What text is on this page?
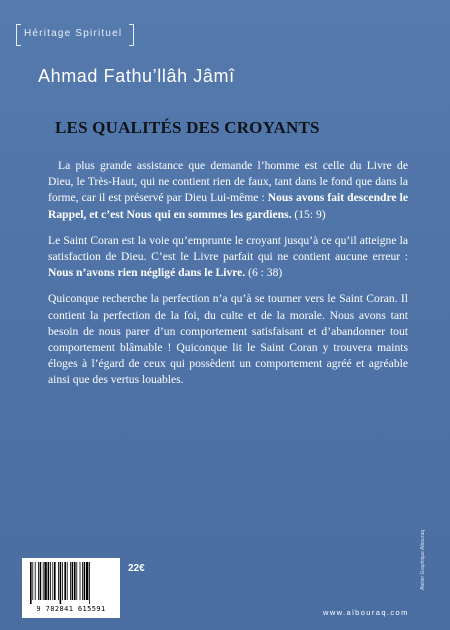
Héritage Spirituel
Ahmad Fathu’llâh Jâmî
LES QUALITÉS DES CROYANTS

La plus grande assistance que demande l’homme est celle du Livre de Dieu, le Très-Haut, qui ne contient rien de faux, tant dans le fond que dans la forme, car il est préservé par Dieu Lui-même : Nous avons fait descendre le Rappel, et c’est Nous qui en sommes les gardiens. (15: 9)

Le Saint Coran est la voie qu’emprunte le croyant jusqu’à ce qu’il atteigne la satisfaction de Dieu. C’est le Livre parfait qui ne contient aucune erreur : Nous n’avons rien négligé dans le Livre. (6 : 38)

Quiconque recherche la perfection n’a qu’à se tourner vers le Saint Coran. Il contient la perfection de la foi, du culte et de la morale. Nous avons tant besoin de nous parer d’un comportement satisfaisant et d’abandonner tout comportement blâmable ! Quiconque lit le Saint Coran y trouvera maints éloges à l’égard de ceux qui possèdent un comportement agréé et agréable ainsi que des vertus louables.

Atelier Graphique Albouraq
9 782841 615591
22€
www.albouraq.com
